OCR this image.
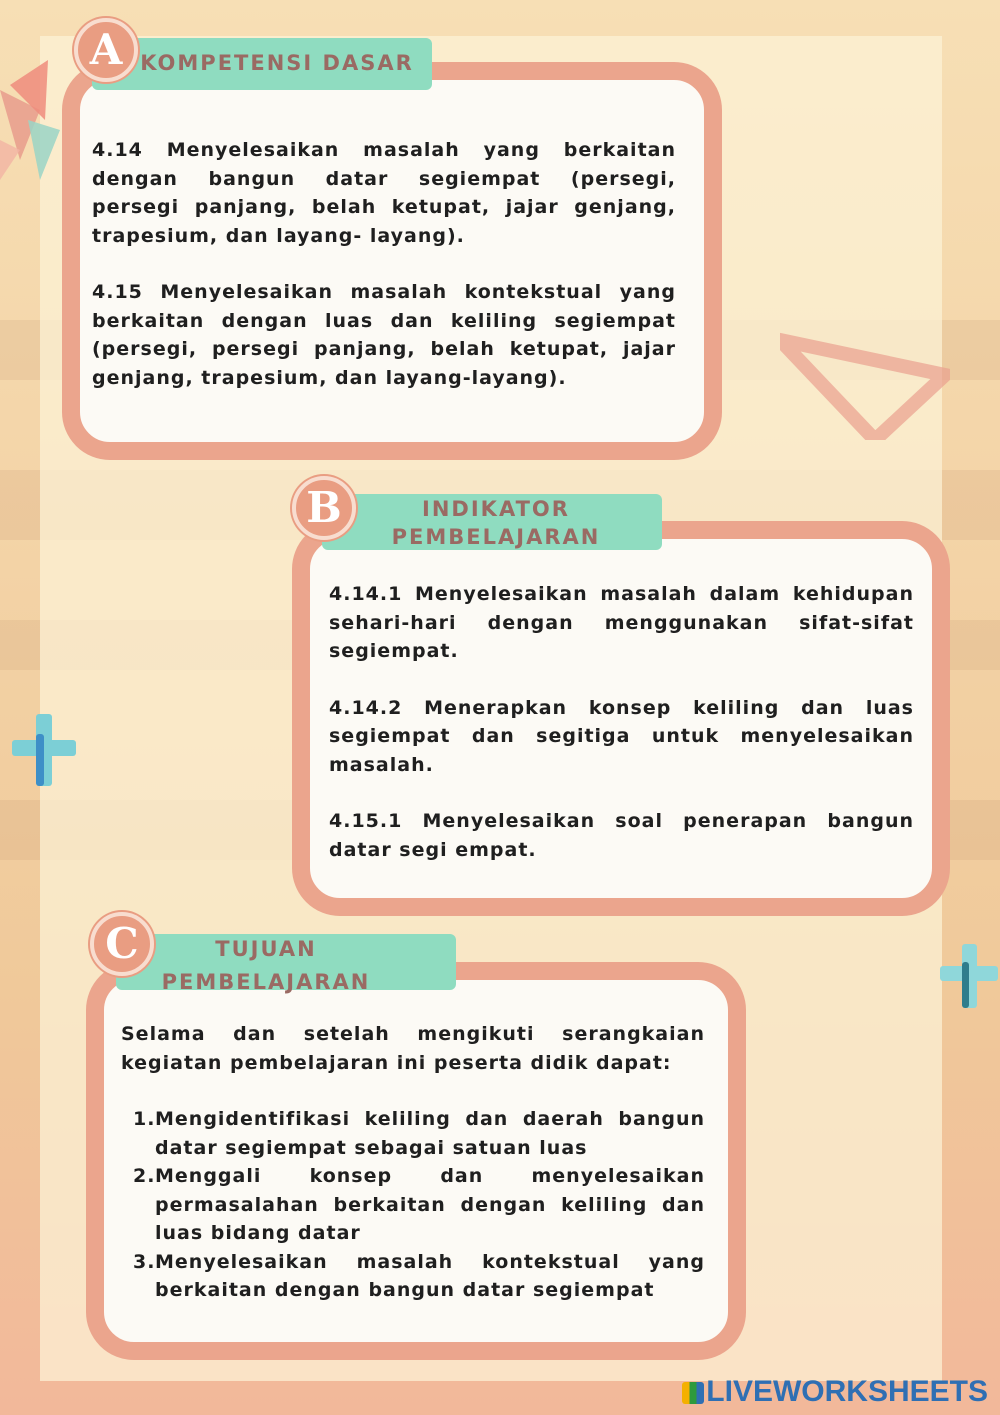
KOMPETENSI DASAR
A

4.14 Menyelesaikan masalah yang berkaitan dengan bangun datar segiempat (persegi, persegi panjang, belah ketupat, jajar genjang, trapesium, dan layang- layang).

4.15 Menyelesaikan masalah kontekstual yang berkaitan dengan luas dan keliling segiempat (persegi, persegi panjang, belah ketupat, jajar genjang, trapesium, dan layang-layang).

INDIKATOR
PEMBELAJARAN
B

4.14.1 Menyelesaikan masalah dalam kehidupan sehari-hari dengan menggunakan sifat-sifat segiempat.

4.14.2 Menerapkan konsep keliling dan luas segiempat dan segitiga untuk menyelesaikan masalah.

4.15.1 Menyelesaikan soal penerapan bangun datar segi empat.

TUJUAN
PEMBELAJARAN
C
Selama dan setelah mengikuti serangkaian kegiatan pembelajaran ini peserta didik dapat:
1. Mengidentifikasi keliling dan daerah bangun datar segiempat sebagai satuan luas
2. Menggali konsep dan menyelesaikan permasalahan berkaitan dengan keliling dan luas bidang datar
3. Menyelesaikan masalah kontekstual yang berkaitan dengan bangun datar segiempat
LIVEWORKSHEETS
